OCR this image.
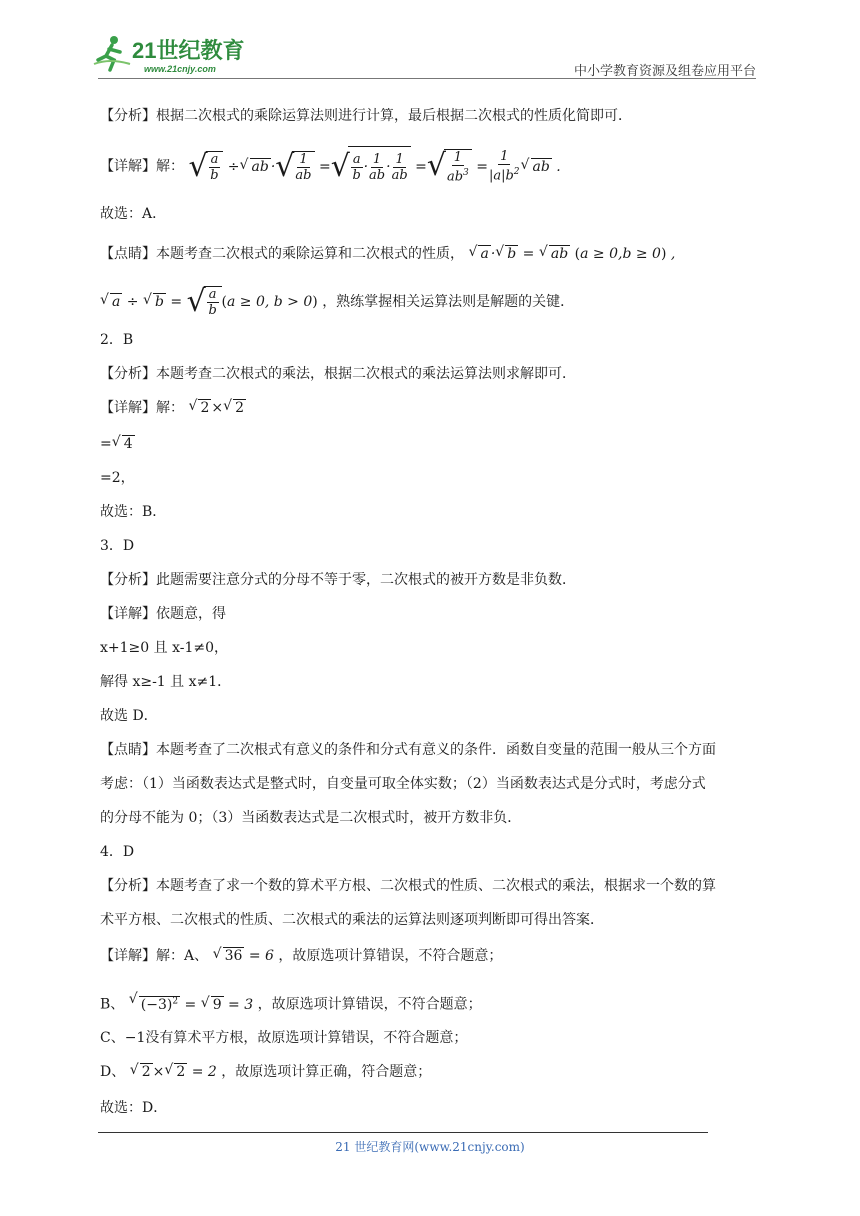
21世纪教育
www.21cnjy.com	中小学教育资源及组卷应用平台
【分析】根据二次根式的乘除运算法则进行计算，最后根据二次根式的性质化简即可．
【详解】解： √ $\frac{a}{b}$ ÷ √ ab · √ $\frac{1}{ab}$ = √ $\frac{a}{b} \cdot \frac{1}{ab} \cdot \frac{1}{ab}$ = √ $\frac{1}{ab^3} = \frac{1}{|a|b^2}$ √ ab .
故选：A．
【点睛】本题考查二次根式的乘除运算和二次根式的性质， √ a · √ b = √ ab (a ≥ 0,b ≥ 0) ,
√ a ÷ √ b = √ $\frac{a}{b} (a \ge 0$, b > 0) ，熟练掌握相关运算法则是解题的关键．
2．B
【分析】本题考查二次根式的乘法，根据二次根式的乘法运算法则求解即可．
【详解】解： √ 2 × √ 2
= √ 4
=2，
故选：B．
3．D
【分析】此题需要注意分式的分母不等于零，二次根式的被开方数是非负数．
【详解】依题意，得
x+1≥0 且 x-1≠0，
解得 x≥-1 且 x≠1．
故选 D．
【点睛】本题考查了二次根式有意义的条件和分式有意义的条件．函数自变量的范围一般从三个方面
考虑：（1）当函数表达式是整式时，自变量可取全体实数；（2）当函数表达式是分式时，考虑分式
的分母不能为 0；（3）当函数表达式是二次根式时，被开方数非负．
4．D
【分析】本题考查了求一个数的算术平方根、二次根式的性质、二次根式的乘法，根据求一个数的算
术平方根、二次根式的性质、二次根式的乘法的运算法则逐项判断即可得出答案．
【详解】解：A、 √ 36 = 6 ，故原选项计算错误，不符合题意；
B、 √ $(-3)^2$ = √ 9 = 3 ，故原选项计算错误，不符合题意；
C、−1没有算术平方根，故原选项计算错误，不符合题意；
D、 √ 2 × √ 2 = 2 ，故原选项计算正确，符合题意；
故选：D．
21 世纪教育网(www.21cnjy.com)
